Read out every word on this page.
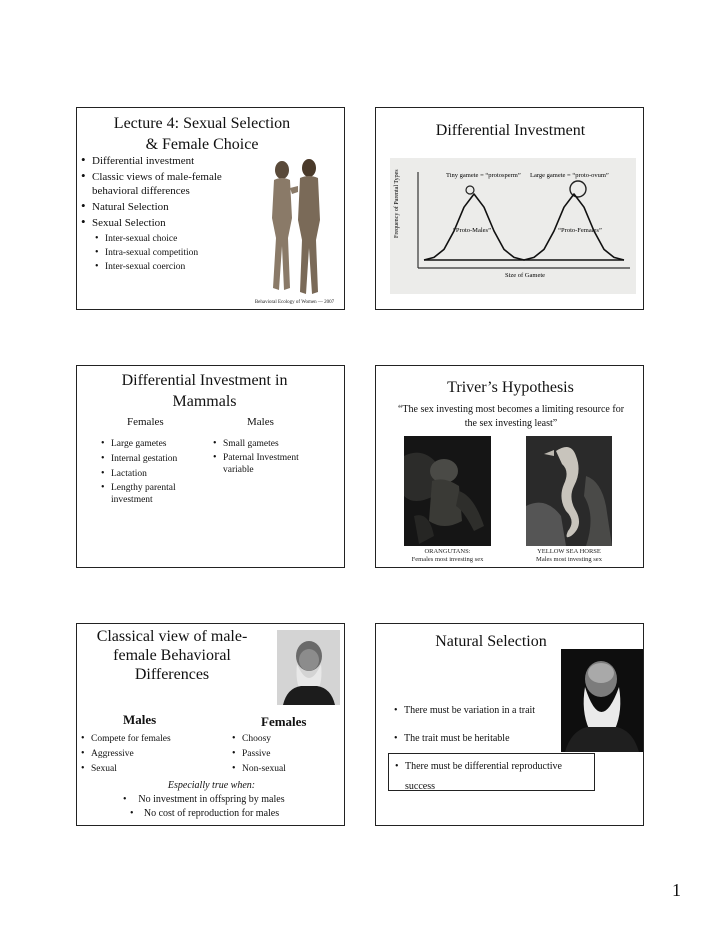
Lecture 4: Sexual Selection & Female Choice
• Differential investment
• Classic views of male-female behavioral differences
• Natural Selection
• Sexual Selection
• Inter-sexual choice
• Intra-sexual competition
• Inter-sexual coercion
Behavioral Ecology of Women — 2007
Differential Investment
Tiny gamete = “protosperm” Large gamete = “proto-ovum”
Frequency of Parental Types
Size of Gamete
“Proto-Males”	“Proto-Females”
Differential Investment in Mammals
Females	Males
• Large gametes
• Internal gestation
• Lactation
• Lengthy parental investment
• Small gametes
• Paternal Investment variable
Triver’s Hypothesis
“The sex investing most becomes a limiting resource for the sex investing least”
ORANGUTANS:
Females most investing sex
YELLOW SEA HORSE
Males most investing sex
Classical view of male-female Behavioral Differences
Males	Females
• Compete for females
• Aggressive
• Sexual
• Choosy
• Passive
• Non-sexual
Especially true when:
No investment in offspring by males
No cost of reproduction for males
•
•
Natural Selection
• There must be variation in a trait
• The trait must be heritable
• There must be differential reproductive success
1
